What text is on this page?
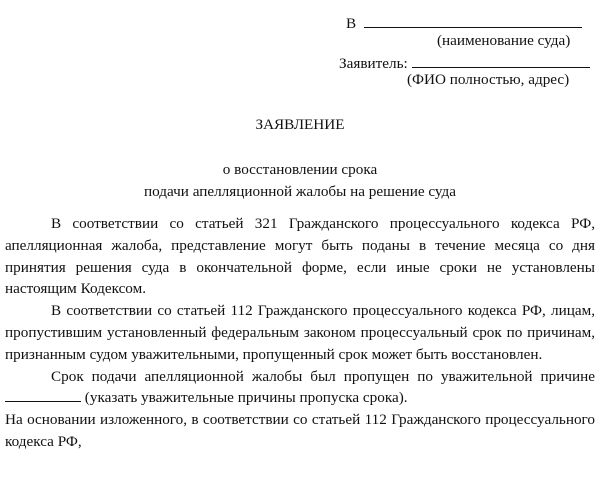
В
(наименование суда)
Заявитель:
(ФИО полностью, адрес)
ЗАЯВЛЕНИЕ
о восстановлении срока
подачи апелляционной жалобы на решение суда

В соответствии со статьей 321 Гражданского процессуального кодекса РФ, апелляционная жалоба, представление могут быть поданы в течение месяца со дня принятия решения суда в окончательной форме, если иные сроки не установлены настоящим Кодексом.

В соответствии со статьей 112 Гражданского процессуального кодекса РФ, лицам, пропустившим установленный федеральным законом процессуальный срок по причинам, признанным судом уважительными, пропущенный срок может быть восстановлен.

Срок подачи апелляционной жалобы был пропущен по уважительной причине  (указать уважительные причины пропуска срока).

На основании изложенного, в соответствии со статьей 112 Гражданского процессуального кодекса РФ,
